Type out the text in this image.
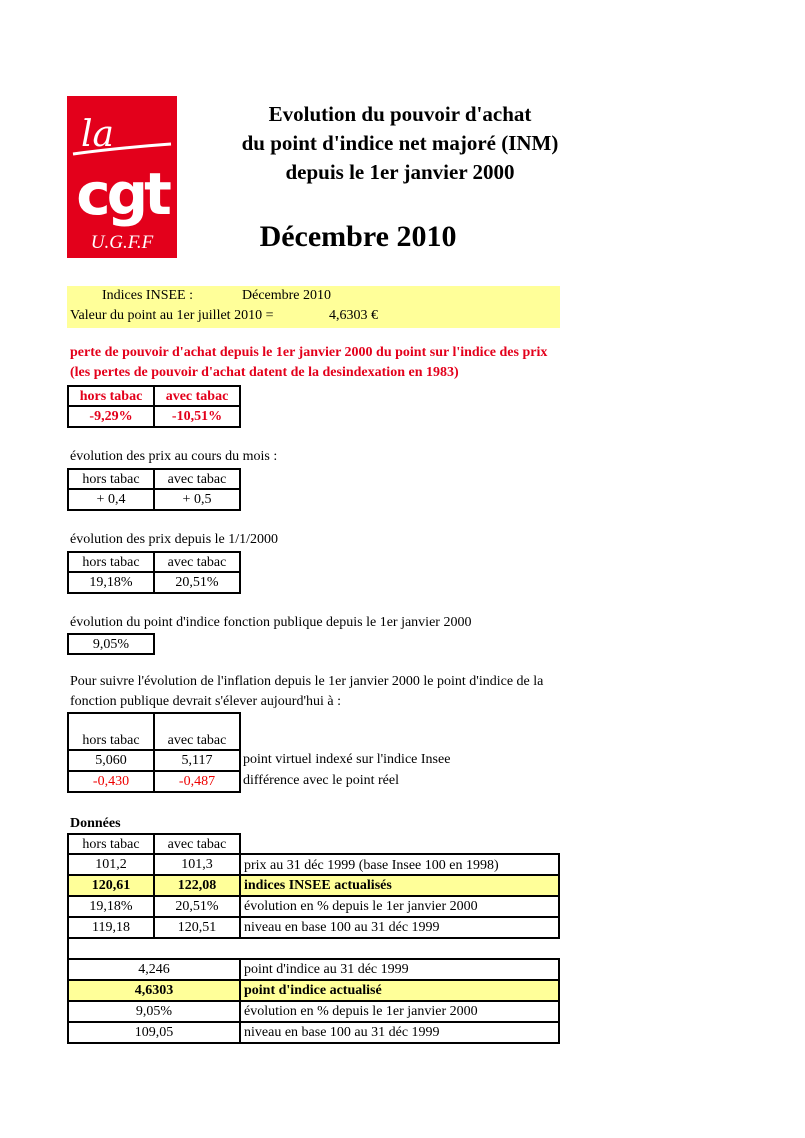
la
cgt
U.G.F.F
Evolution du pouvoir d'achat
du point d'indice net majoré (INM)
depuis le 1er janvier 2000
Décembre 2010
Indices INSEE :	Décembre 2010
Valeur du point au 1er juillet 2010 =	4,6303 €
perte de pouvoir d'achat depuis le 1er janvier 2000 du point sur l'indice des prix
(les pertes de pouvoir d'achat datent de la desindexation en 1983)
hors tabac	avec tabac
-9,29%	-10,51%
évolution des prix au cours du mois :
hors tabac	avec tabac
+ 0,4	+ 0,5
évolution des prix depuis le 1/1/2000
hors tabac	avec tabac
19,18%	20,51%
évolution du point d'indice fonction publique depuis le 1er janvier 2000
9,05%
Pour suivre l'évolution de l'inflation depuis le 1er janvier 2000 le point d'indice de la
fonction publique devrait s'élever aujourd'hui à :
hors tabac	avec tabac
5,060	5,117	point virtuel indexé sur l'indice Insee
-0,430	-0,487	différence avec le point réel
Données
hors tabac	avec tabac
101,2	101,3	prix au 31 déc 1999 (base Insee 100 en 1998)
120,61	122,08	indices INSEE actualisés
19,18%	20,51%	évolution en % depuis le 1er janvier 2000
119,18	120,51	niveau en base 100 au 31 déc 1999
4,246	point d'indice au 31 déc 1999
4,6303	point d'indice actualisé
9,05%	évolution en % depuis le 1er janvier 2000
109,05	niveau en base 100 au 31 déc 1999
